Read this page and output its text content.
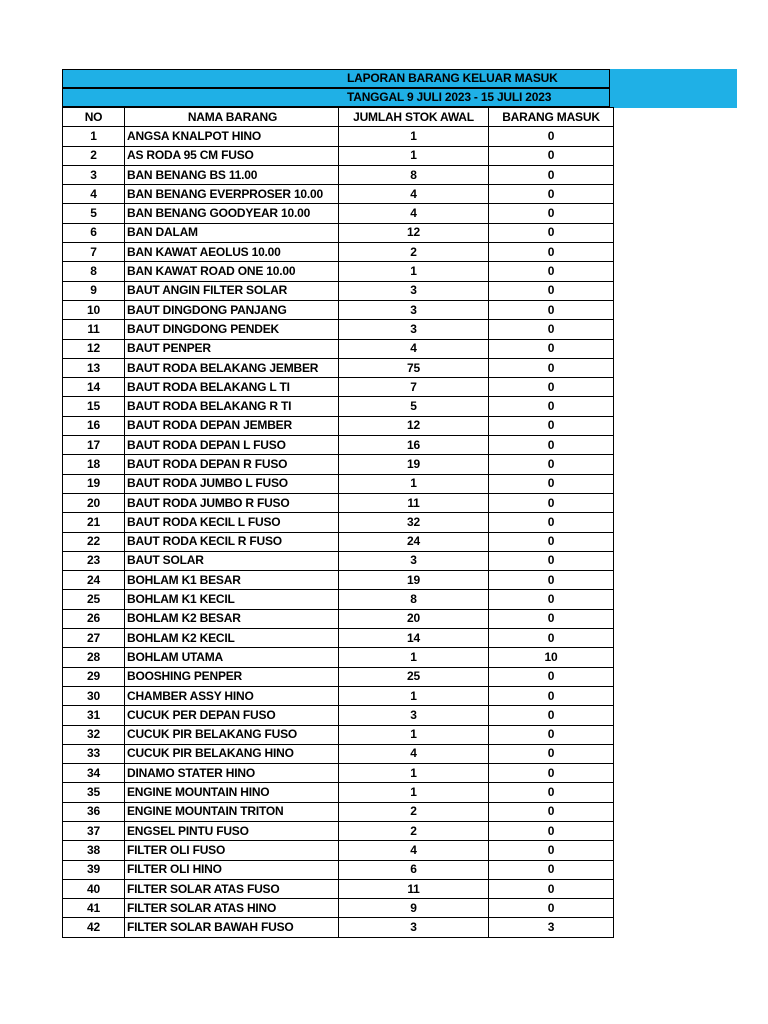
LAPORAN BARANG KELUAR MASUK
TANGGAL 9 JULI 2023 - 15 JULI 2023
NO	NAMA BARANG	JUMLAH STOK AWAL	BARANG MASUK
1	ANGSA KNALPOT HINO	1	0
2	AS RODA 95 CM FUSO	1	0
3	BAN BENANG BS 11.00	8	0
4	BAN BENANG EVERPROSER 10.00	4	0
5	BAN BENANG GOODYEAR 10.00	4	0
6	BAN DALAM	12	0
7	BAN KAWAT AEOLUS 10.00	2	0
8	BAN KAWAT ROAD ONE 10.00	1	0
9	BAUT ANGIN FILTER SOLAR	3	0
10	BAUT DINGDONG PANJANG	3	0
11	BAUT DINGDONG PENDEK	3	0
12	BAUT PENPER	4	0
13	BAUT RODA BELAKANG JEMBER	75	0
14	BAUT RODA BELAKANG L TI	7	0
15	BAUT RODA BELAKANG R TI	5	0
16	BAUT RODA DEPAN JEMBER	12	0
17	BAUT RODA DEPAN L FUSO	16	0
18	BAUT RODA DEPAN R FUSO	19	0
19	BAUT RODA JUMBO L FUSO	1	0
20	BAUT RODA JUMBO R FUSO	11	0
21	BAUT RODA KECIL L FUSO	32	0
22	BAUT RODA KECIL R FUSO	24	0
23	BAUT SOLAR	3	0
24	BOHLAM K1 BESAR	19	0
25	BOHLAM K1 KECIL	8	0
26	BOHLAM K2 BESAR	20	0
27	BOHLAM K2 KECIL	14	0
28	BOHLAM UTAMA	1	10
29	BOOSHING PENPER	25	0
30	CHAMBER ASSY HINO	1	0
31	CUCUK PER DEPAN FUSO	3	0
32	CUCUK PIR BELAKANG FUSO	1	0
33	CUCUK PIR BELAKANG HINO	4	0
34	DINAMO STATER HINO	1	0
35	ENGINE MOUNTAIN HINO	1	0
36	ENGINE MOUNTAIN TRITON	2	0
37	ENGSEL PINTU FUSO	2	0
38	FILTER OLI FUSO	4	0
39	FILTER OLI HINO	6	0
40	FILTER SOLAR ATAS FUSO	11	0
41	FILTER SOLAR ATAS HINO	9	0
42	FILTER SOLAR BAWAH FUSO	3	3
